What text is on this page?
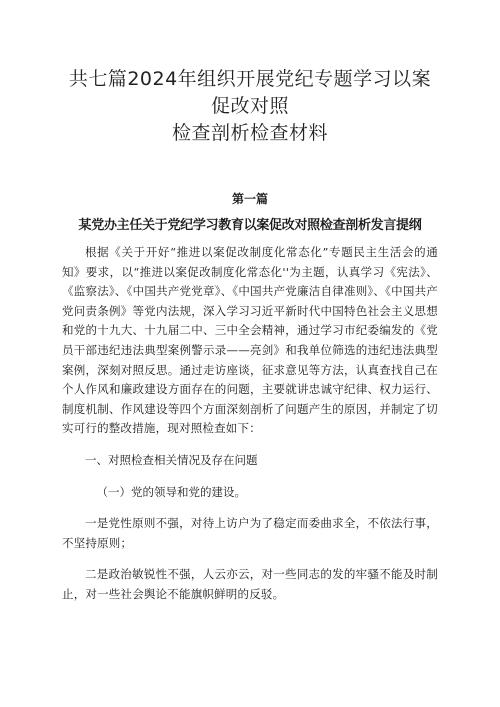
共七篇2024年组织开展党纪专题学习以案促改对照
检查剖析检查材料
第一篇
某党办主任关于党纪学习教育以案促改对照检查剖析发言提纲

根据《关于开好“推进以案促改制度化常态化”专题民主生活会的通知》要求，以“推进以案促改制度化常态化''为主题，认真学习《宪法》、《监察法》、《中国共产党党章》、《中国共产党廉洁自律准则》、《中国共产党问责条例》等党内法规，深入学习习近平新时代中国特色社会主义思想和党的十九大、十九届二中、三中全会精神，通过学习市纪委编发的《党员干部违纪违法典型案例警示录——亮剑》和我单位筛选的违纪违法典型案例，深刻对照反思。通过走访座谈，征求意见等方法，认真查找自己在个人作风和廉政建设方面存在的问题，主要就讲忠诚守纪律、权力运行、制度机制、作风建设等四个方面深刻剖析了问题产生的原因，并制定了切实可行的整改措施，现对照检查如下：

一、对照检查相关情况及存在问题
（一）党的领导和党的建设。

一是党性原则不强，对待上访户为了稳定而委曲求全，不依法行事，不坚持原则；

二是政治敏锐性不强，人云亦云，对一些同志的发的牢骚不能及时制止，对一些社会舆论不能旗帜鲜明的反驳。
